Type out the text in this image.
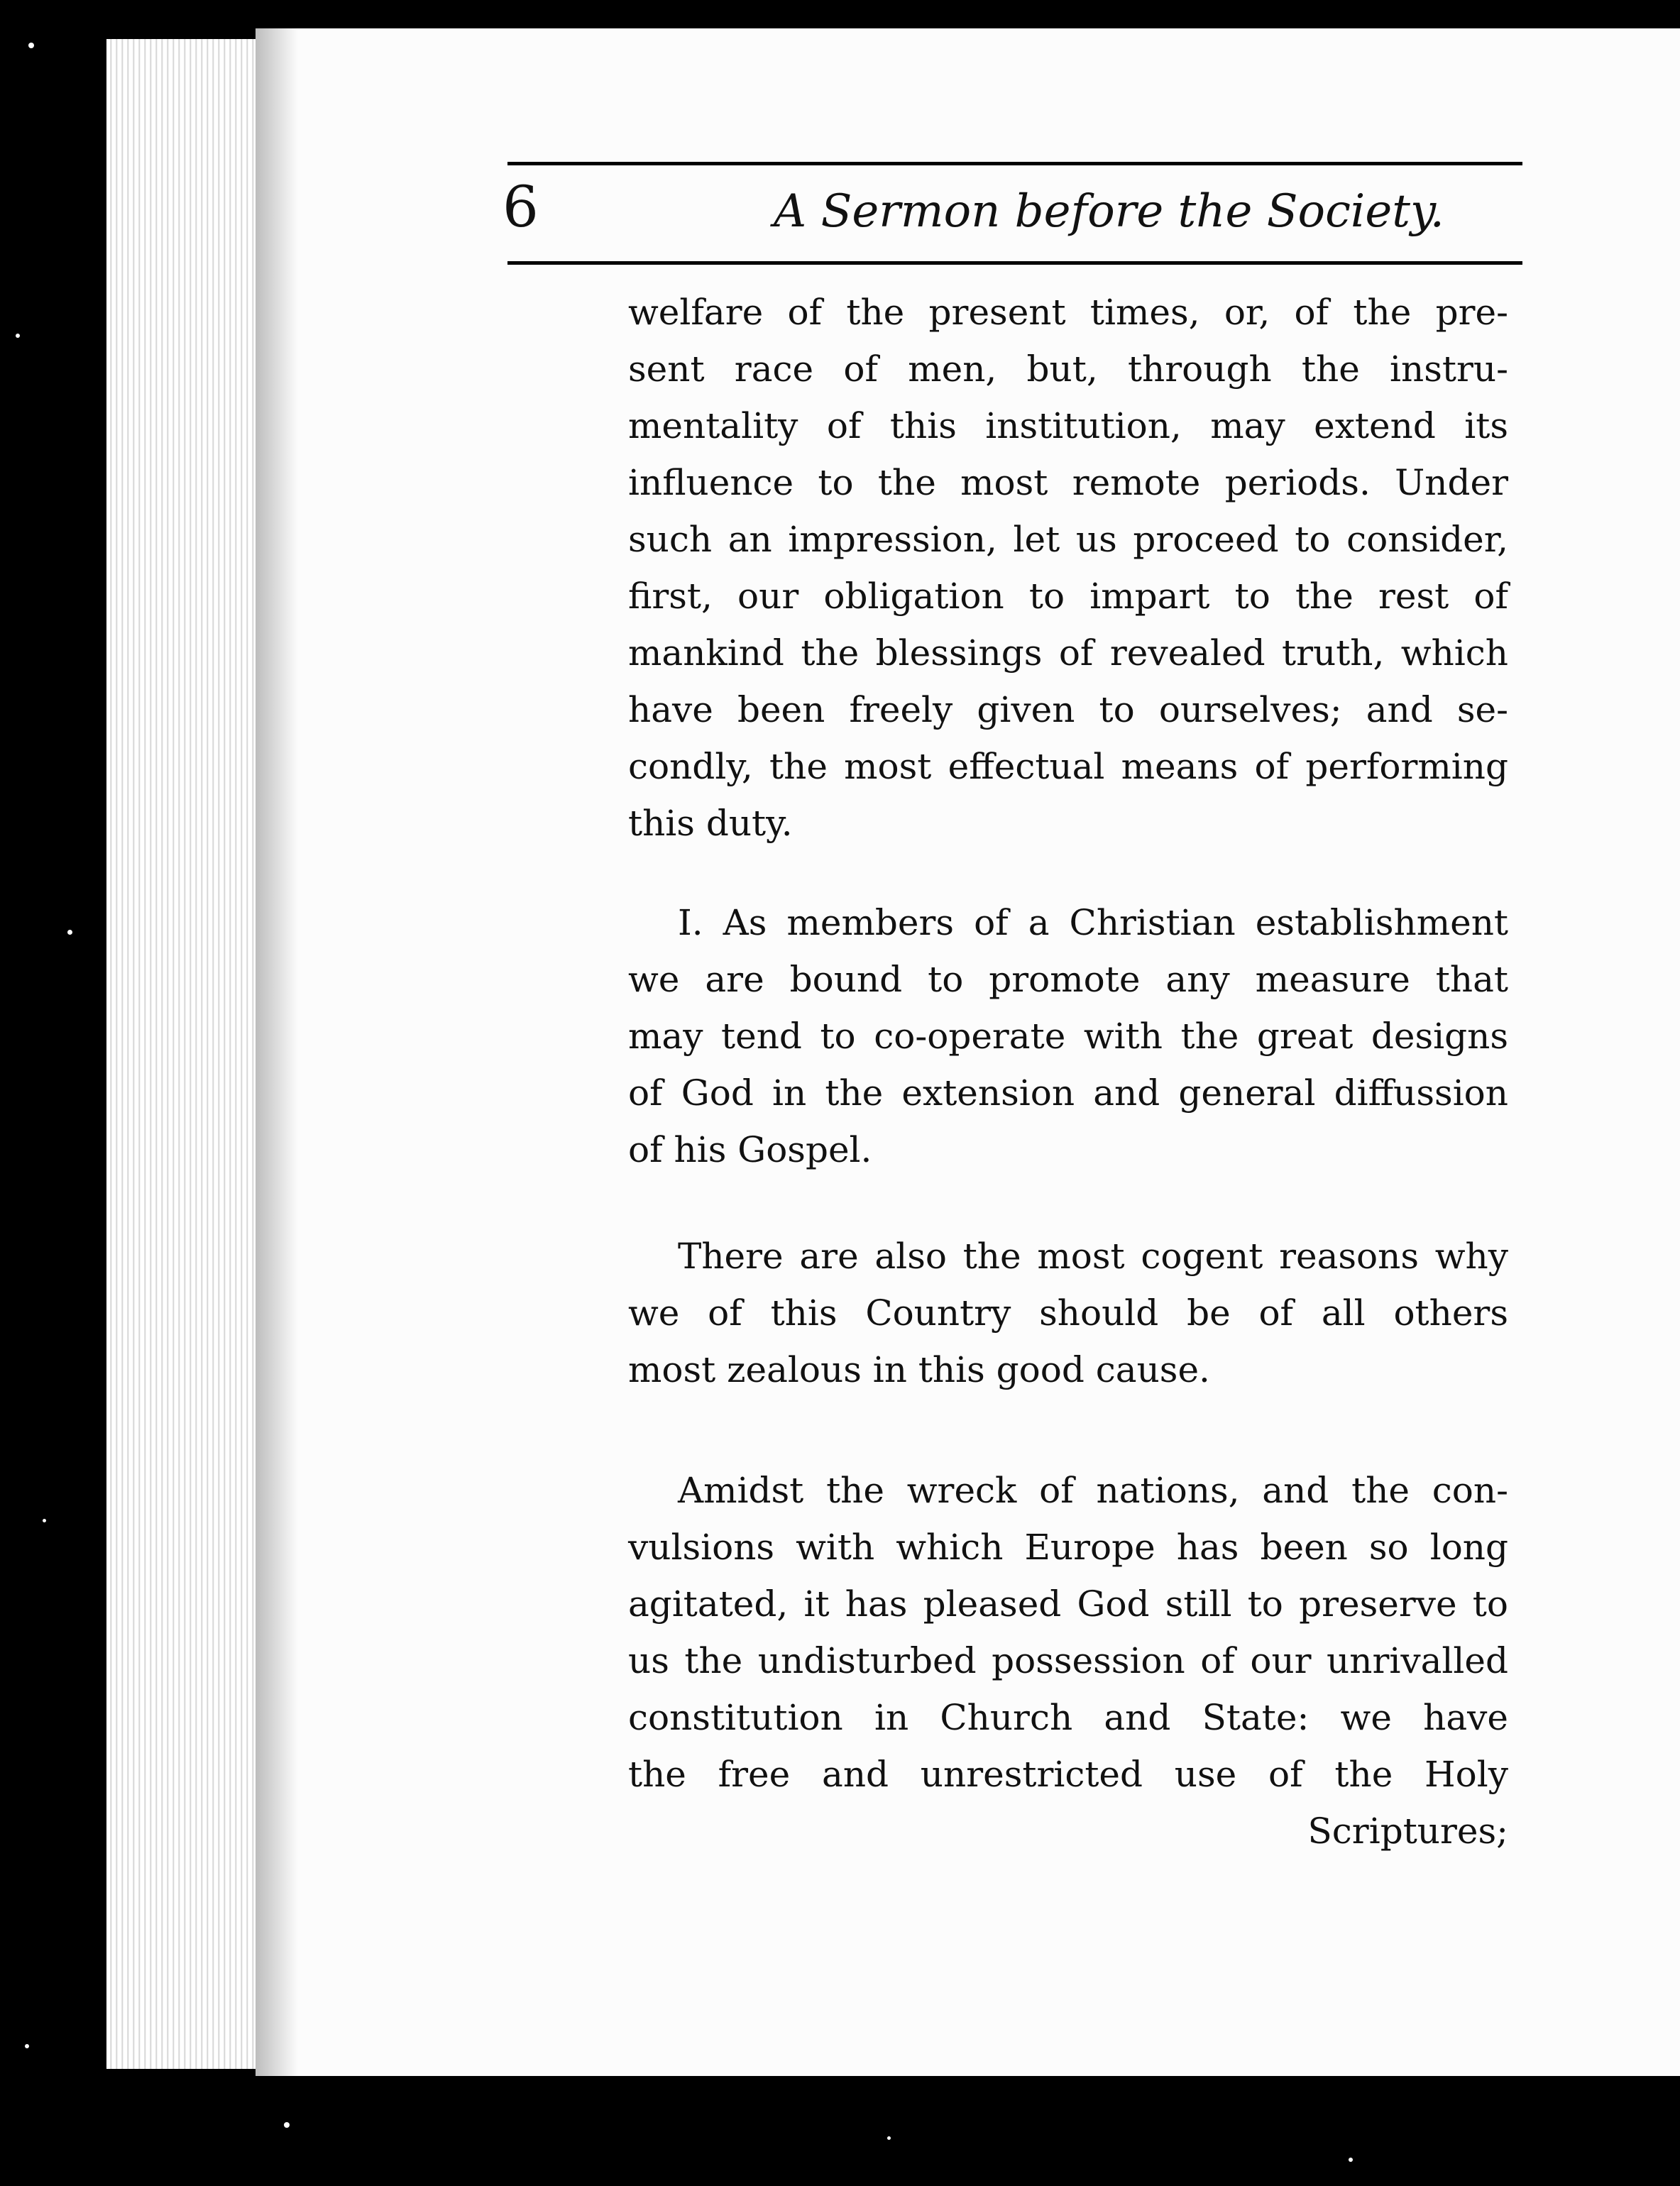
6	A Sermon before the Society.
welfare of the present times, or, of the pre-
sent race of men, but, through the instru-
mentality of this institution, may extend its
influence to the most remote periods. Under
such an impression, let us proceed to consider,
first, our obligation to impart to the rest of
mankind the blessings of revealed truth, which
have been freely given to ourselves; and se-
condly, the most effectual means of performing
this duty.
I. As members of a Christian establishment
we are bound to promote any measure that
may tend to co-operate with the great designs
of God in the extension and general diffussion
of his Gospel.
There are also the most cogent reasons why
we of this Country should be of all others
most zealous in this good cause.
Amidst the wreck of nations, and the con-
vulsions with which Europe has been so long
agitated, it has pleased God still to preserve to
us the undisturbed possession of our unrivalled
constitution in Church and State: we have
the free and unrestricted use of the Holy
Scriptures;
